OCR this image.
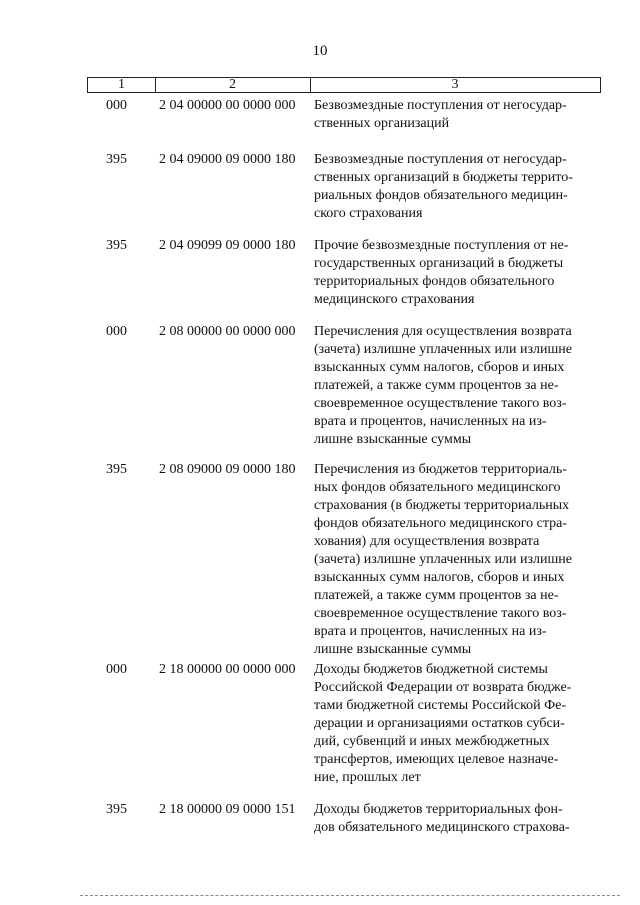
10
1	2	3
000	2 04 00000 00 0000 000	Безвозмездные поступления от негосудар-
ственных организаций
395	2 04 09000 09 0000 180	Безвозмездные поступления от негосудар-
ственных организаций в бюджеты террито-
риальных фондов обязательного медицин-
ского страхования
395	2 04 09099 09 0000 180	Прочие безвозмездные поступления от не-
государственных организаций в бюджеты
территориальных фондов обязательного
медицинского страхования
000	2 08 00000 00 0000 000	Перечисления для осуществления возврата
(зачета) излишне уплаченных или излишне
взысканных сумм налогов, сборов и иных
платежей, а также сумм процентов за не-
своевременное осуществление такого воз-
врата и процентов, начисленных на из-
лишне взысканные суммы
395	2 08 09000 09 0000 180	Перечисления из бюджетов территориаль-
ных фондов обязательного медицинского
страхования (в бюджеты территориальных
фондов обязательного медицинского стра-
хования) для осуществления возврата
(зачета) излишне уплаченных или излишне
взысканных сумм налогов, сборов и иных
платежей, а также сумм процентов за не-
своевременное осуществление такого воз-
врата и процентов, начисленных на из-
лишне взысканные суммы
000	2 18 00000 00 0000 000	Доходы бюджетов бюджетной системы
Российской Федерации от возврата бюдже-
тами бюджетной системы Российской Фе-
дерации и организациями остатков субси-
дий, субвенций и иных межбюджетных
трансфертов, имеющих целевое назначе-
ние, прошлых лет
395	2 18 00000 09 0000 151	Доходы бюджетов территориальных фон-
дов обязательного медицинского страхова-
